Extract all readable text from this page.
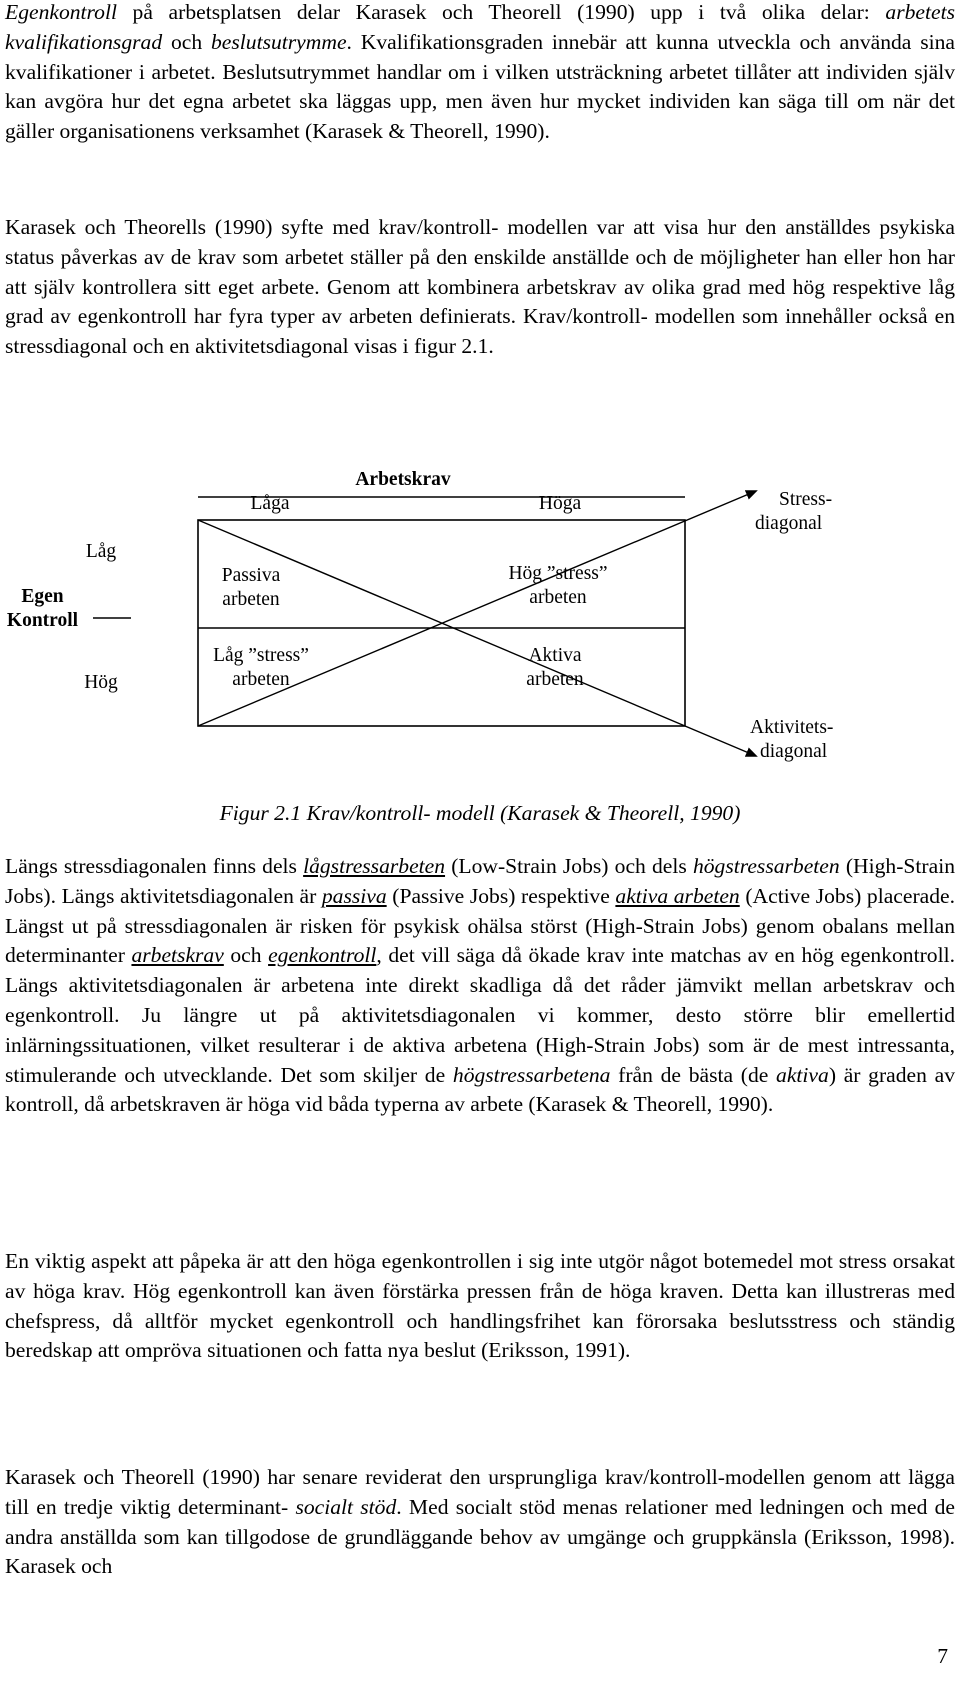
Egenkontroll på arbetsplatsen delar Karasek och Theorell (1990) upp i två olika delar: arbetets kvalifikationsgrad och beslutsutrymme. Kvalifikationsgraden innebär att kunna utveckla och använda sina kvalifikationer i arbetet. Beslutsutrymmet handlar om i vilken utsträckning arbetet tillåter att individen själv kan avgöra hur det egna arbetet ska läggas upp, men även hur mycket individen kan säga till om när det gäller organisationens verksamhet (Karasek & Theorell, 1990).

Karasek och Theorells (1990) syfte med krav/kontroll- modellen var att visa hur den anställdes psykiska status påverkas av de krav som arbetet ställer på den enskilde anställde och de möjligheter han eller hon har att själv kontrollera sitt eget arbete. Genom att kombinera arbetskrav av olika grad med hög respektive låg grad av egenkontroll har fyra typer av arbeten definierats. Krav/kontroll- modellen som innehåller också en stressdiagonal och en aktivitetsdiagonal visas i figur 2.1.

Längs stressdiagonalen finns dels lågstressarbeten (Low-Strain Jobs) och dels högstressarbeten (High-Strain Jobs). Längs aktivitetsdiagonalen är passiva (Passive Jobs) respektive aktiva arbeten (Active Jobs) placerade. Längst ut på stressdiagonalen är risken för psykisk ohälsa störst (High-Strain Jobs) genom obalans mellan determinanter arbetskrav och egenkontroll, det vill säga då ökade krav inte matchas av en hög egenkontroll. Längs aktivitetsdiagonalen är arbetena inte direkt skadliga då det råder jämvikt mellan arbetskrav och egenkontroll. Ju längre ut på aktivitetsdiagonalen vi kommer, desto större blir emellertid inlärningssituationen, vilket resulterar i de aktiva arbetena (High-Strain Jobs) som är de mest intressanta, stimulerande och utvecklande. Det som skiljer de högstressarbetena från de bästa (de aktiva) är graden av kontroll, då arbetskraven är höga vid båda typerna av arbete (Karasek & Theorell, 1990).

En viktig aspekt att påpeka är att den höga egenkontrollen i sig inte utgör något botemedel mot stress orsakat av höga krav. Hög egenkontroll kan även förstärka pressen från de höga kraven. Detta kan illustreras med chefspress, då alltför mycket egenkontroll och handlingsfrihet kan förorsaka beslutsstress och ständig beredskap att ompröva situationen och fatta nya beslut (Eriksson, 1991).

Karasek och Theorell (1990) har senare reviderat den ursprungliga krav/kontroll-modellen genom att lägga till en tredje viktig determinant- socialt stöd. Med socialt stöd menas relationer med ledningen och med de andra anställda som kan tillgodose de grundläggande behov av umgänge och gruppkänsla (Eriksson, 1998). Karasek och

Arbetskrav
Låga	Höga
Egen
Kontroll
Låg
Hög
Passiva
arbeten
Hög ”stress”
arbeten
Låg ”stress”
arbeten
Aktiva
arbeten
Stress-
diagonal
Aktivitets-
diagonal
Figur 2.1 Krav/kontroll- modell (Karasek & Theorell, 1990)
7
